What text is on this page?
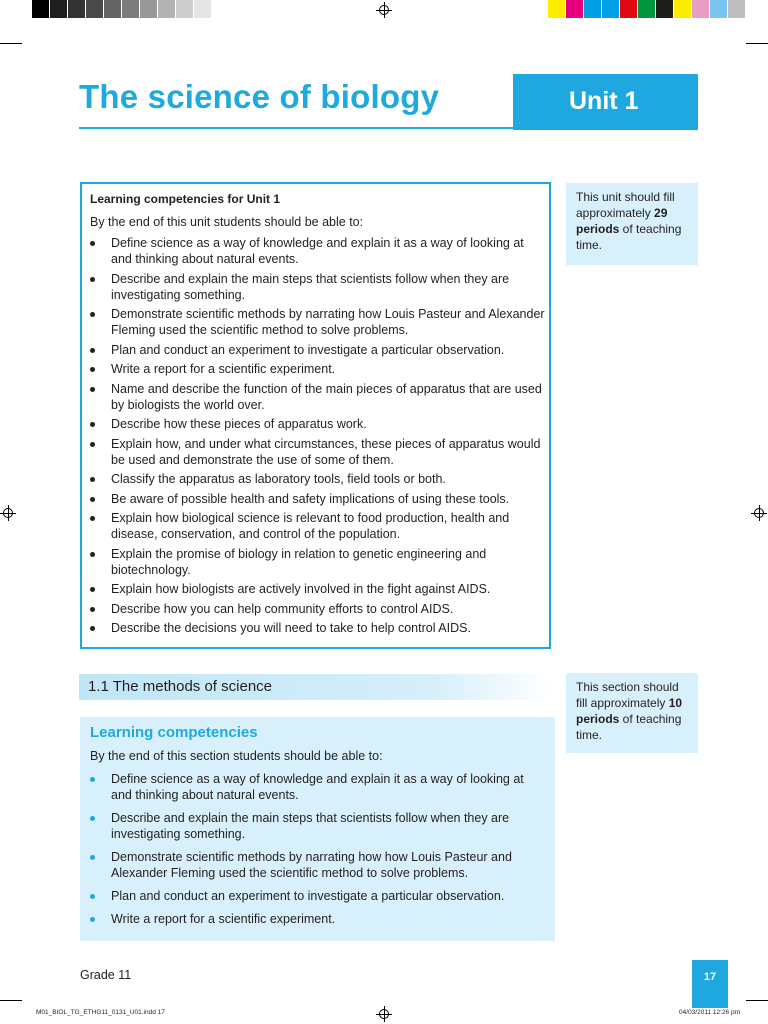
The science of biology	Unit 1
Learning competencies for Unit 1
By the end of this unit students should be able to:
Define science as a way of knowledge and explain it as a way of looking at and thinking about natural events.
Describe and explain the main steps that scientists follow when they are investigating something.
Demonstrate scientific methods by narrating how Louis Pasteur and Alexander Fleming used the scientific method to solve problems.
Plan and conduct an experiment to investigate a particular observation.
Write a report for a scientific experiment.
Name and describe the function of the main pieces of apparatus that are used by biologists the world over.
Describe how these pieces of apparatus work.
Explain how, and under what circumstances, these pieces of apparatus would be used and demonstrate the use of some of them.
Classify the apparatus as laboratory tools, field tools or both.
Be aware of possible health and safety implications of using these tools.
Explain how biological science is relevant to food production, health and disease, conservation, and control of the population.
Explain the promise of biology in relation to genetic engineering and biotechnology.
Explain how biologists are actively involved in the fight against AIDS.
Describe how you can help community efforts to control AIDS.
Describe the decisions you will need to take to help control AIDS.
This unit should fill approximately 29 periods of teaching time.
1.1 The methods of science	This section should fill approximately 10 periods of teaching time.
Learning competencies
By the end of this section students should be able to:
Define science as a way of knowledge and explain it as a way of looking at and thinking about natural events.
Describe and explain the main steps that scientists follow when they are investigating something.
Demonstrate scientific methods by narrating how how Louis Pasteur and Alexander Fleming used the scientific method to solve problems.
Plan and conduct an experiment to investigate a particular observation.
Write a report for a scientific experiment.
Grade 11	17
M01_BIOL_TG_ETHG11_0131_U01.indd 17	04/03/2011 12:26 pm
